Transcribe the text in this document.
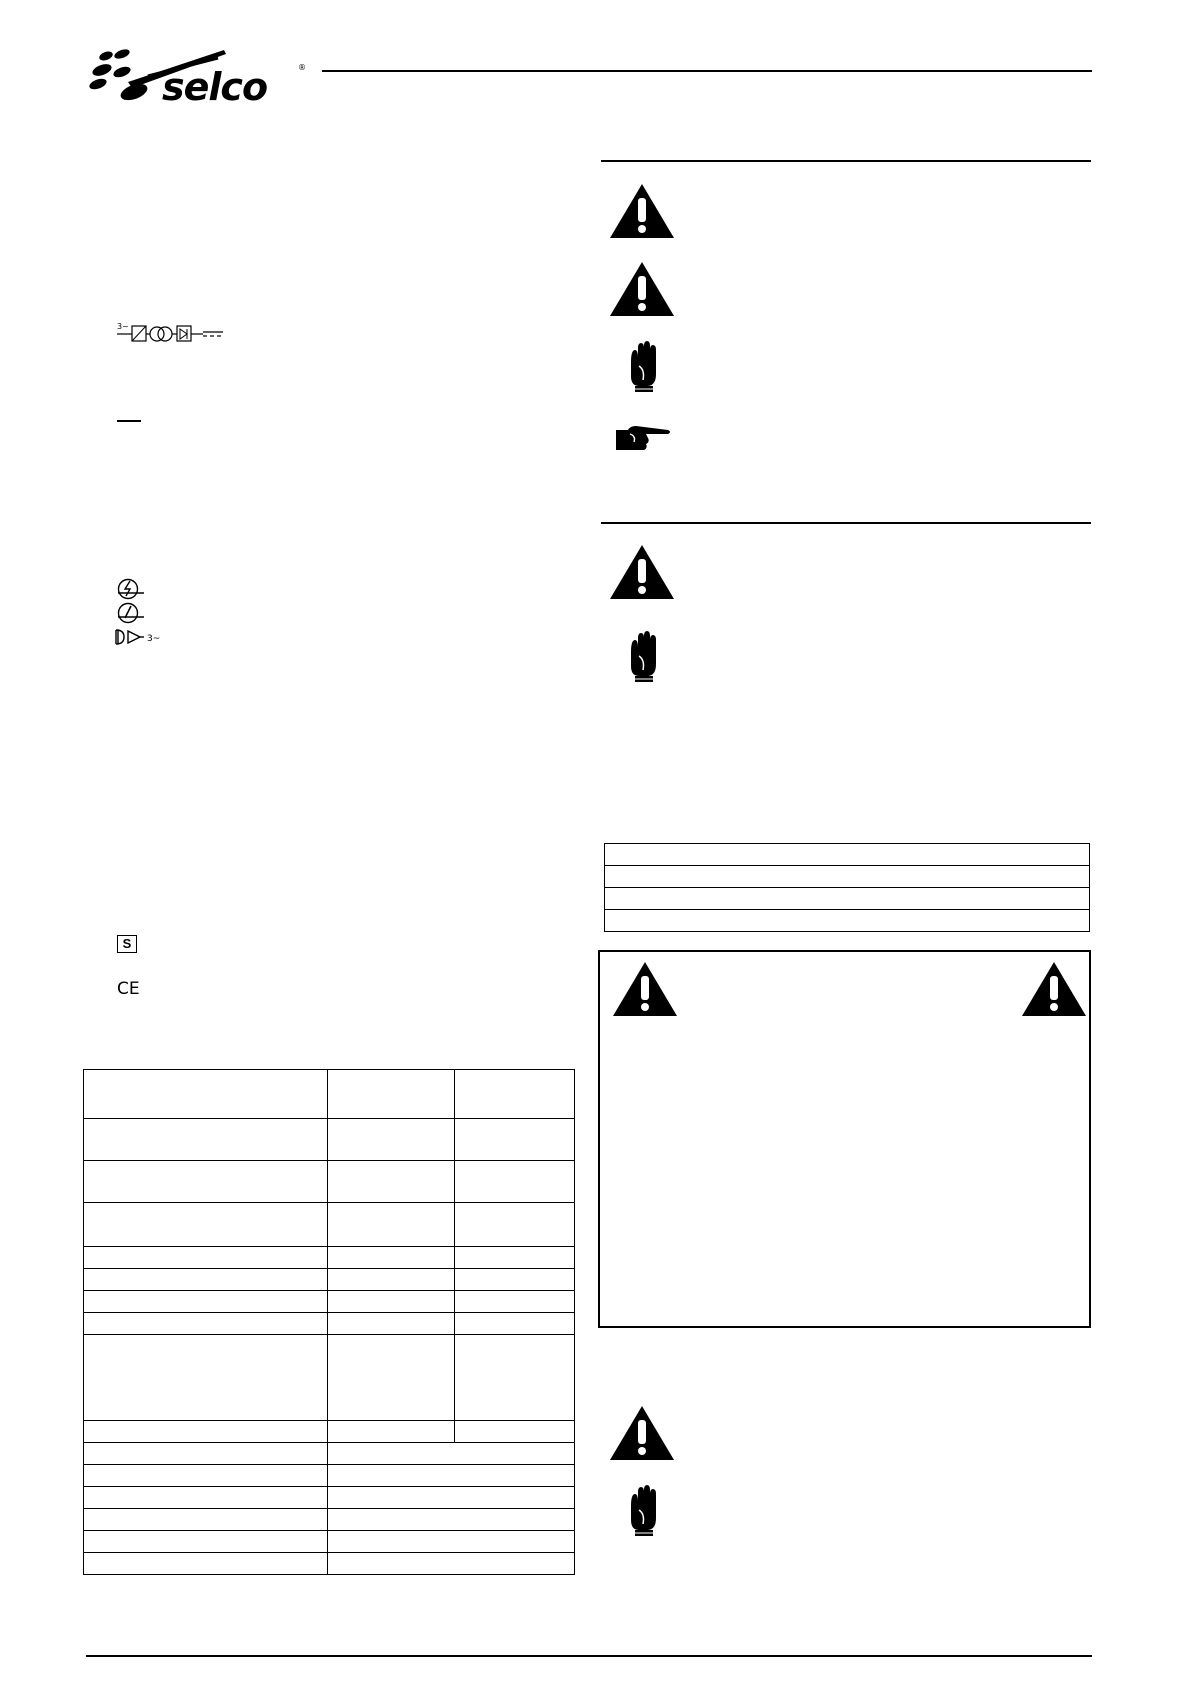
selco	®
3~
3~
S
CE
